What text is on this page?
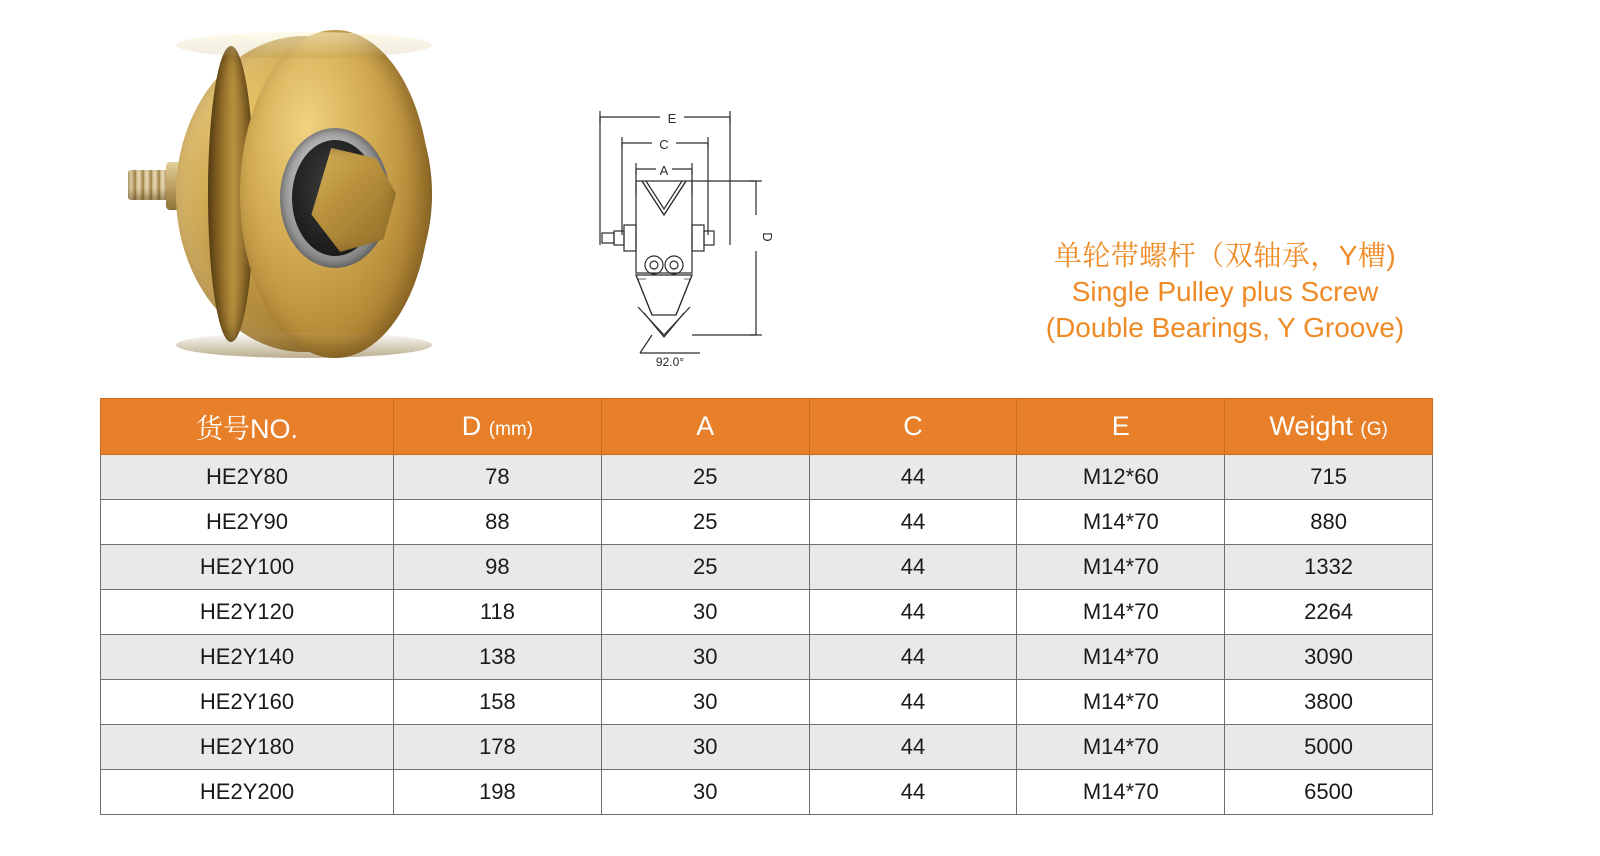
E
C
A
D
92.0°
单轮带螺杆（双轴承，Y槽)
Single Pulley plus Screw
(Double Bearings, Y Groove)
货号NO.	D (mm)	A	C	E	Weight (G)
HE2Y80	78	25	44	M12*60	715
HE2Y90	88	25	44	M14*70	880
HE2Y100	98	25	44	M14*70	1332
HE2Y120	118	30	44	M14*70	2264
HE2Y140	138	30	44	M14*70	3090
HE2Y160	158	30	44	M14*70	3800
HE2Y180	178	30	44	M14*70	5000
HE2Y200	198	30	44	M14*70	6500
